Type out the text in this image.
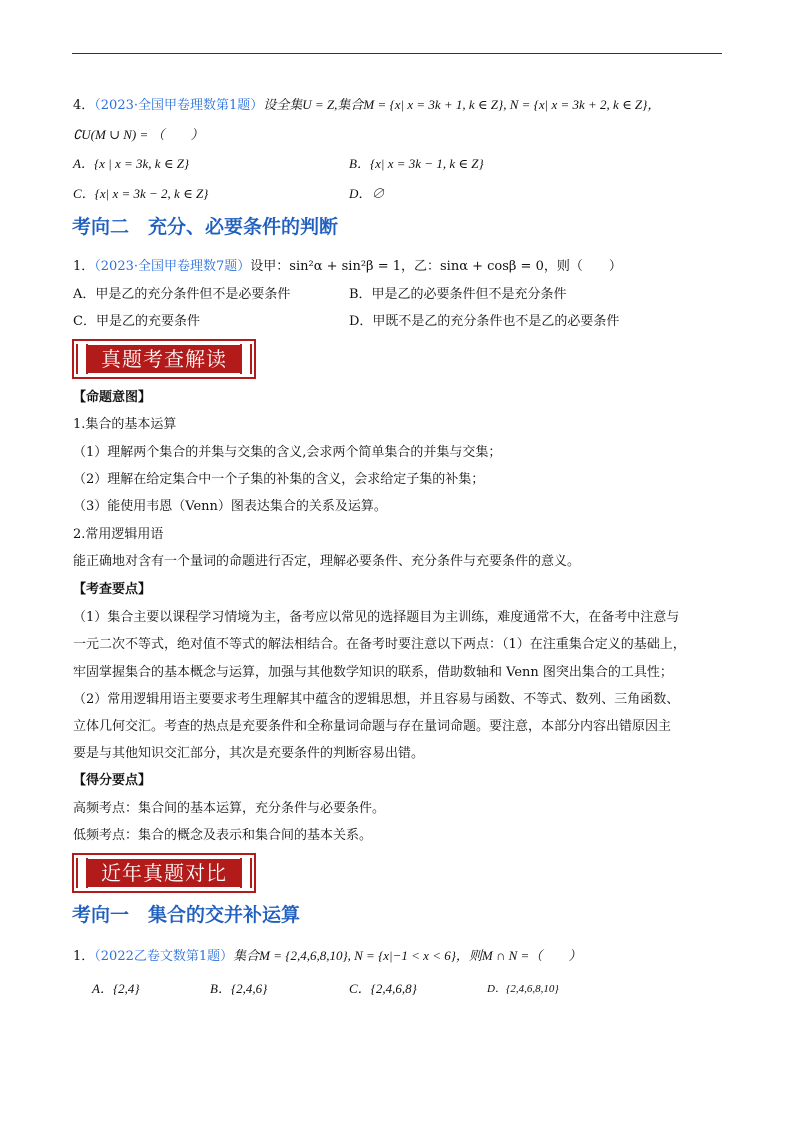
4．（2023·全国甲卷理数第1题）设全集U = Z,集合M = {x| x = 3k + 1, k ∈ Z}, N = {x| x = 3k + 2, k ∈ Z}，
∁U(M ∪ N) = （　　）
A．{x | x = 3k, k ∈ Z}	B．{x| x = 3k − 1, k ∈ Z}
C．{x| x = 3k − 2, k ∈ Z}	D．∅
考向二　充分、必要条件的判断
1．（2023·全国甲卷理数7题）设甲：sin²α + sin²β = 1，乙：sinα + cosβ = 0，则（　　）
A．甲是乙的充分条件但不是必要条件	B．甲是乙的必要条件但不是充分条件
C．甲是乙的充要条件	D．甲既不是乙的充分条件也不是乙的必要条件
真题考查解读
【命题意图】
1.集合的基本运算
（1）理解两个集合的并集与交集的含义,会求两个简单集合的并集与交集；
（2）理解在给定集合中一个子集的补集的含义，会求给定子集的补集；
（3）能使用韦恩（Venn）图表达集合的关系及运算。
2.常用逻辑用语
能正确地对含有一个量词的命题进行否定，理解必要条件、充分条件与充要条件的意义。
【考查要点】
（1）集合主要以课程学习情境为主，备考应以常见的选择题目为主训练，难度通常不大，在备考中注意与
一元二次不等式，绝对值不等式的解法相结合。在备考时要注意以下两点：（1）在注重集合定义的基础上，
牢固掌握集合的基本概念与运算，加强与其他数学知识的联系，借助数轴和 Venn 图突出集合的工具性；
（2）常用逻辑用语主要要求考生理解其中蕴含的逻辑思想，并且容易与函数、不等式、数列、三角函数、
立体几何交汇。考查的热点是充要条件和全称量词命题与存在量词命题。要注意，本部分内容出错原因主
要是与其他知识交汇部分，其次是充要条件的判断容易出错。
【得分要点】
高频考点：集合间的基本运算，充分条件与必要条件。
低频考点：集合的概念及表示和集合间的基本关系。
近年真题对比
考向一　集合的交并补运算
1．（2022乙卷文数第1题）集合M = {2,4,6,8,10}, N = {x|−1 < x < 6}，则M ∩ N =（　　）
A．{2,4}	B．{2,4,6}	C．{2,4,6,8}	D．{2,4,6,8,10}
